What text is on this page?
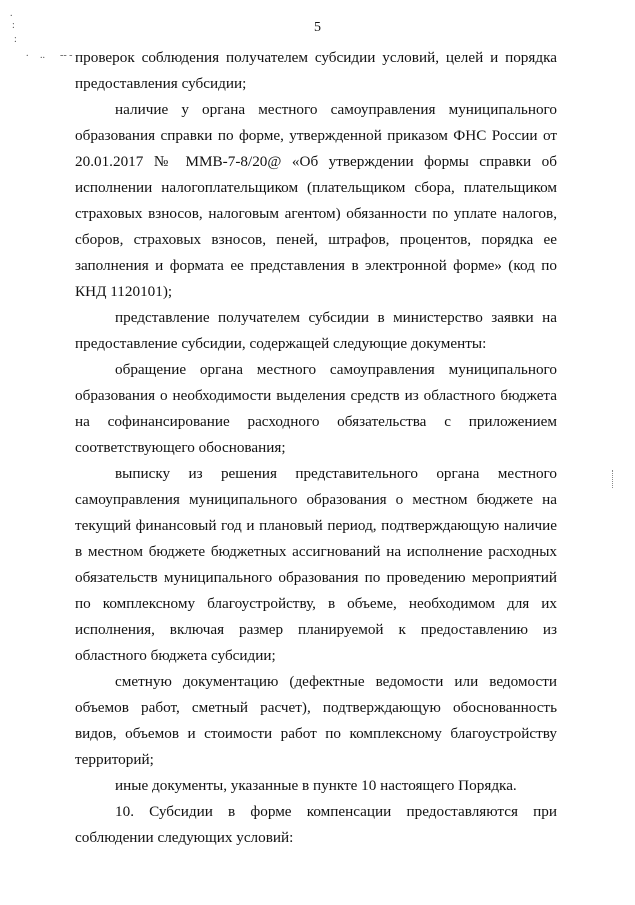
.
:
:
. .. -- -
5

проверок соблюдения получателем субсидии условий, целей и порядка предоставления субсидии;

наличие у органа местного самоуправления муниципального образования справки по форме, утвержденной приказом ФНС России от 20.01.2017 № ММВ-7-8/20@ «Об утверждении формы справки об исполнении налогоплательщиком (плательщиком сбора, плательщиком страховых взносов, налоговым агентом) обязанности по уплате налогов, сборов, страховых взносов, пеней, штрафов, процентов, порядка ее заполнения и формата ее представления в электронной форме» (код по КНД 1120101);

представление получателем субсидии в министерство заявки на предоставление субсидии, содержащей следующие документы:

обращение органа местного самоуправления муниципального образования о необходимости выделения средств из областного бюджета на софинансирование расходного обязательства с приложением соответствующего обоснования;

выписку из решения представительного органа местного самоуправления муниципального образования о местном бюджете на текущий финансовый год и плановый период, подтверждающую наличие в местном бюджете бюджетных ассигнований на исполнение расходных обязательств муниципального образования по проведению мероприятий по комплексному благоустройству, в объеме, необходимом для их исполнения, включая размер планируемой к предоставлению из областного бюджета субсидии;

сметную документацию (дефектные ведомости или ведомости объемов работ, сметный расчет), подтверждающую обоснованность видов, объемов и стоимости работ по комплексному благоустройству территорий;

иные документы, указанные в пункте 10 настоящего Порядка.

10. Субсидии в форме компенсации предоставляются при соблюдении следующих условий:
